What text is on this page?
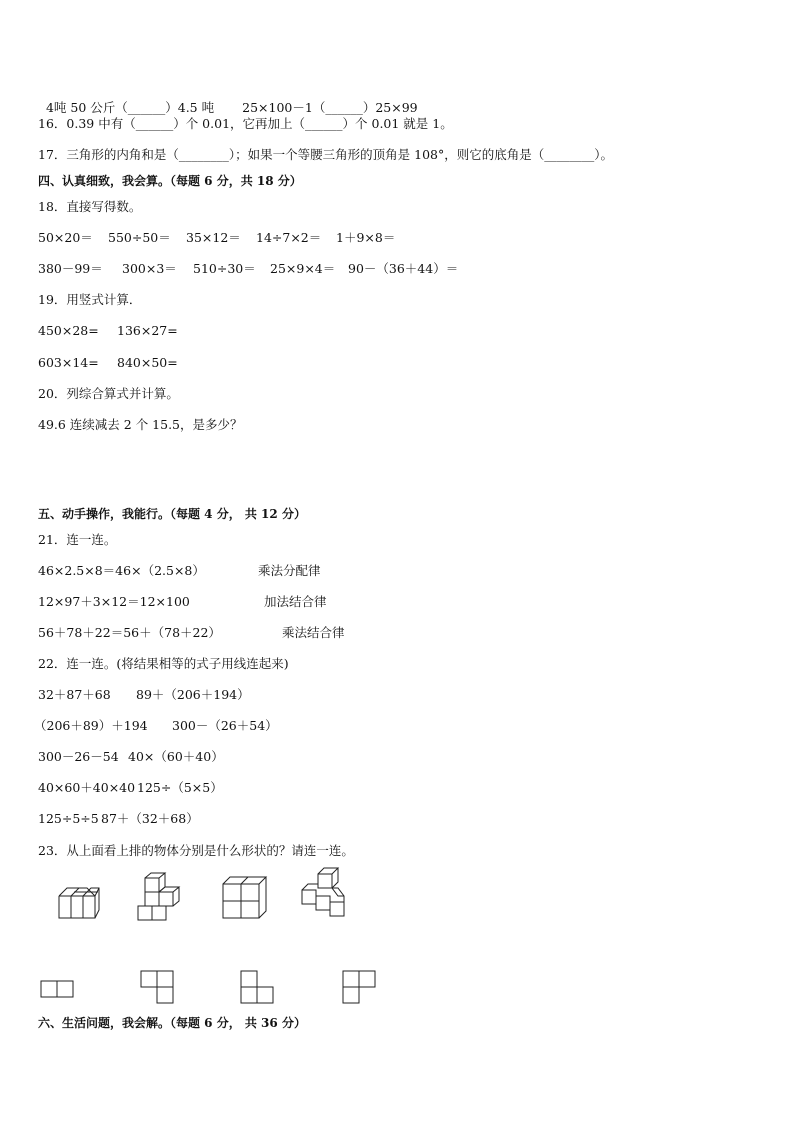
4吨 50 公斤（______）4.5 吨 25×100－1（______）25×99

16．0.39 中有（______）个 0.01，它再加上（______）个 0.01 就是 1。
17．三角形的内角和是（________）；如果一个等腰三角形的顶角是 108°，则它的底角是（________）。
四、认真细致，我会算。（每题 6 分，共 18 分）
18．直接写得数。
50×20＝ 550÷50＝ 35×12＝ 14÷7×2＝ 1＋9×8＝
380－99＝ 300×3＝ 510÷30＝ 25×9×4＝ 90－（36＋44）＝
19．用竖式计算．
450×28= 136×27=
603×14= 840×50=
20．列综合算式并计算。
49.6 连续减去 2 个 15.5，是多少？
五、动手操作，我能行。（每题 4 分， 共 12 分）
21．连一连。
46×2.5×8＝46×（2.5×8）	乘法分配律
12×97＋3×12＝12×100	加法结合律
56＋78＋22＝56＋（78＋22）	乘法结合律
22．连一连。(将结果相等的式子用线连起来)
32＋87＋68 89＋（206＋194）
（206＋89）＋194 300－（26＋54）
300－26－54 40×（60＋40）
40×60＋40×40 125÷（5×5）
125÷5÷5 87＋（32＋68）
23．从上面看上排的物体分别是什么形状的？请连一连。
六、生活问题，我会解。（每题 6 分， 共 36 分）
